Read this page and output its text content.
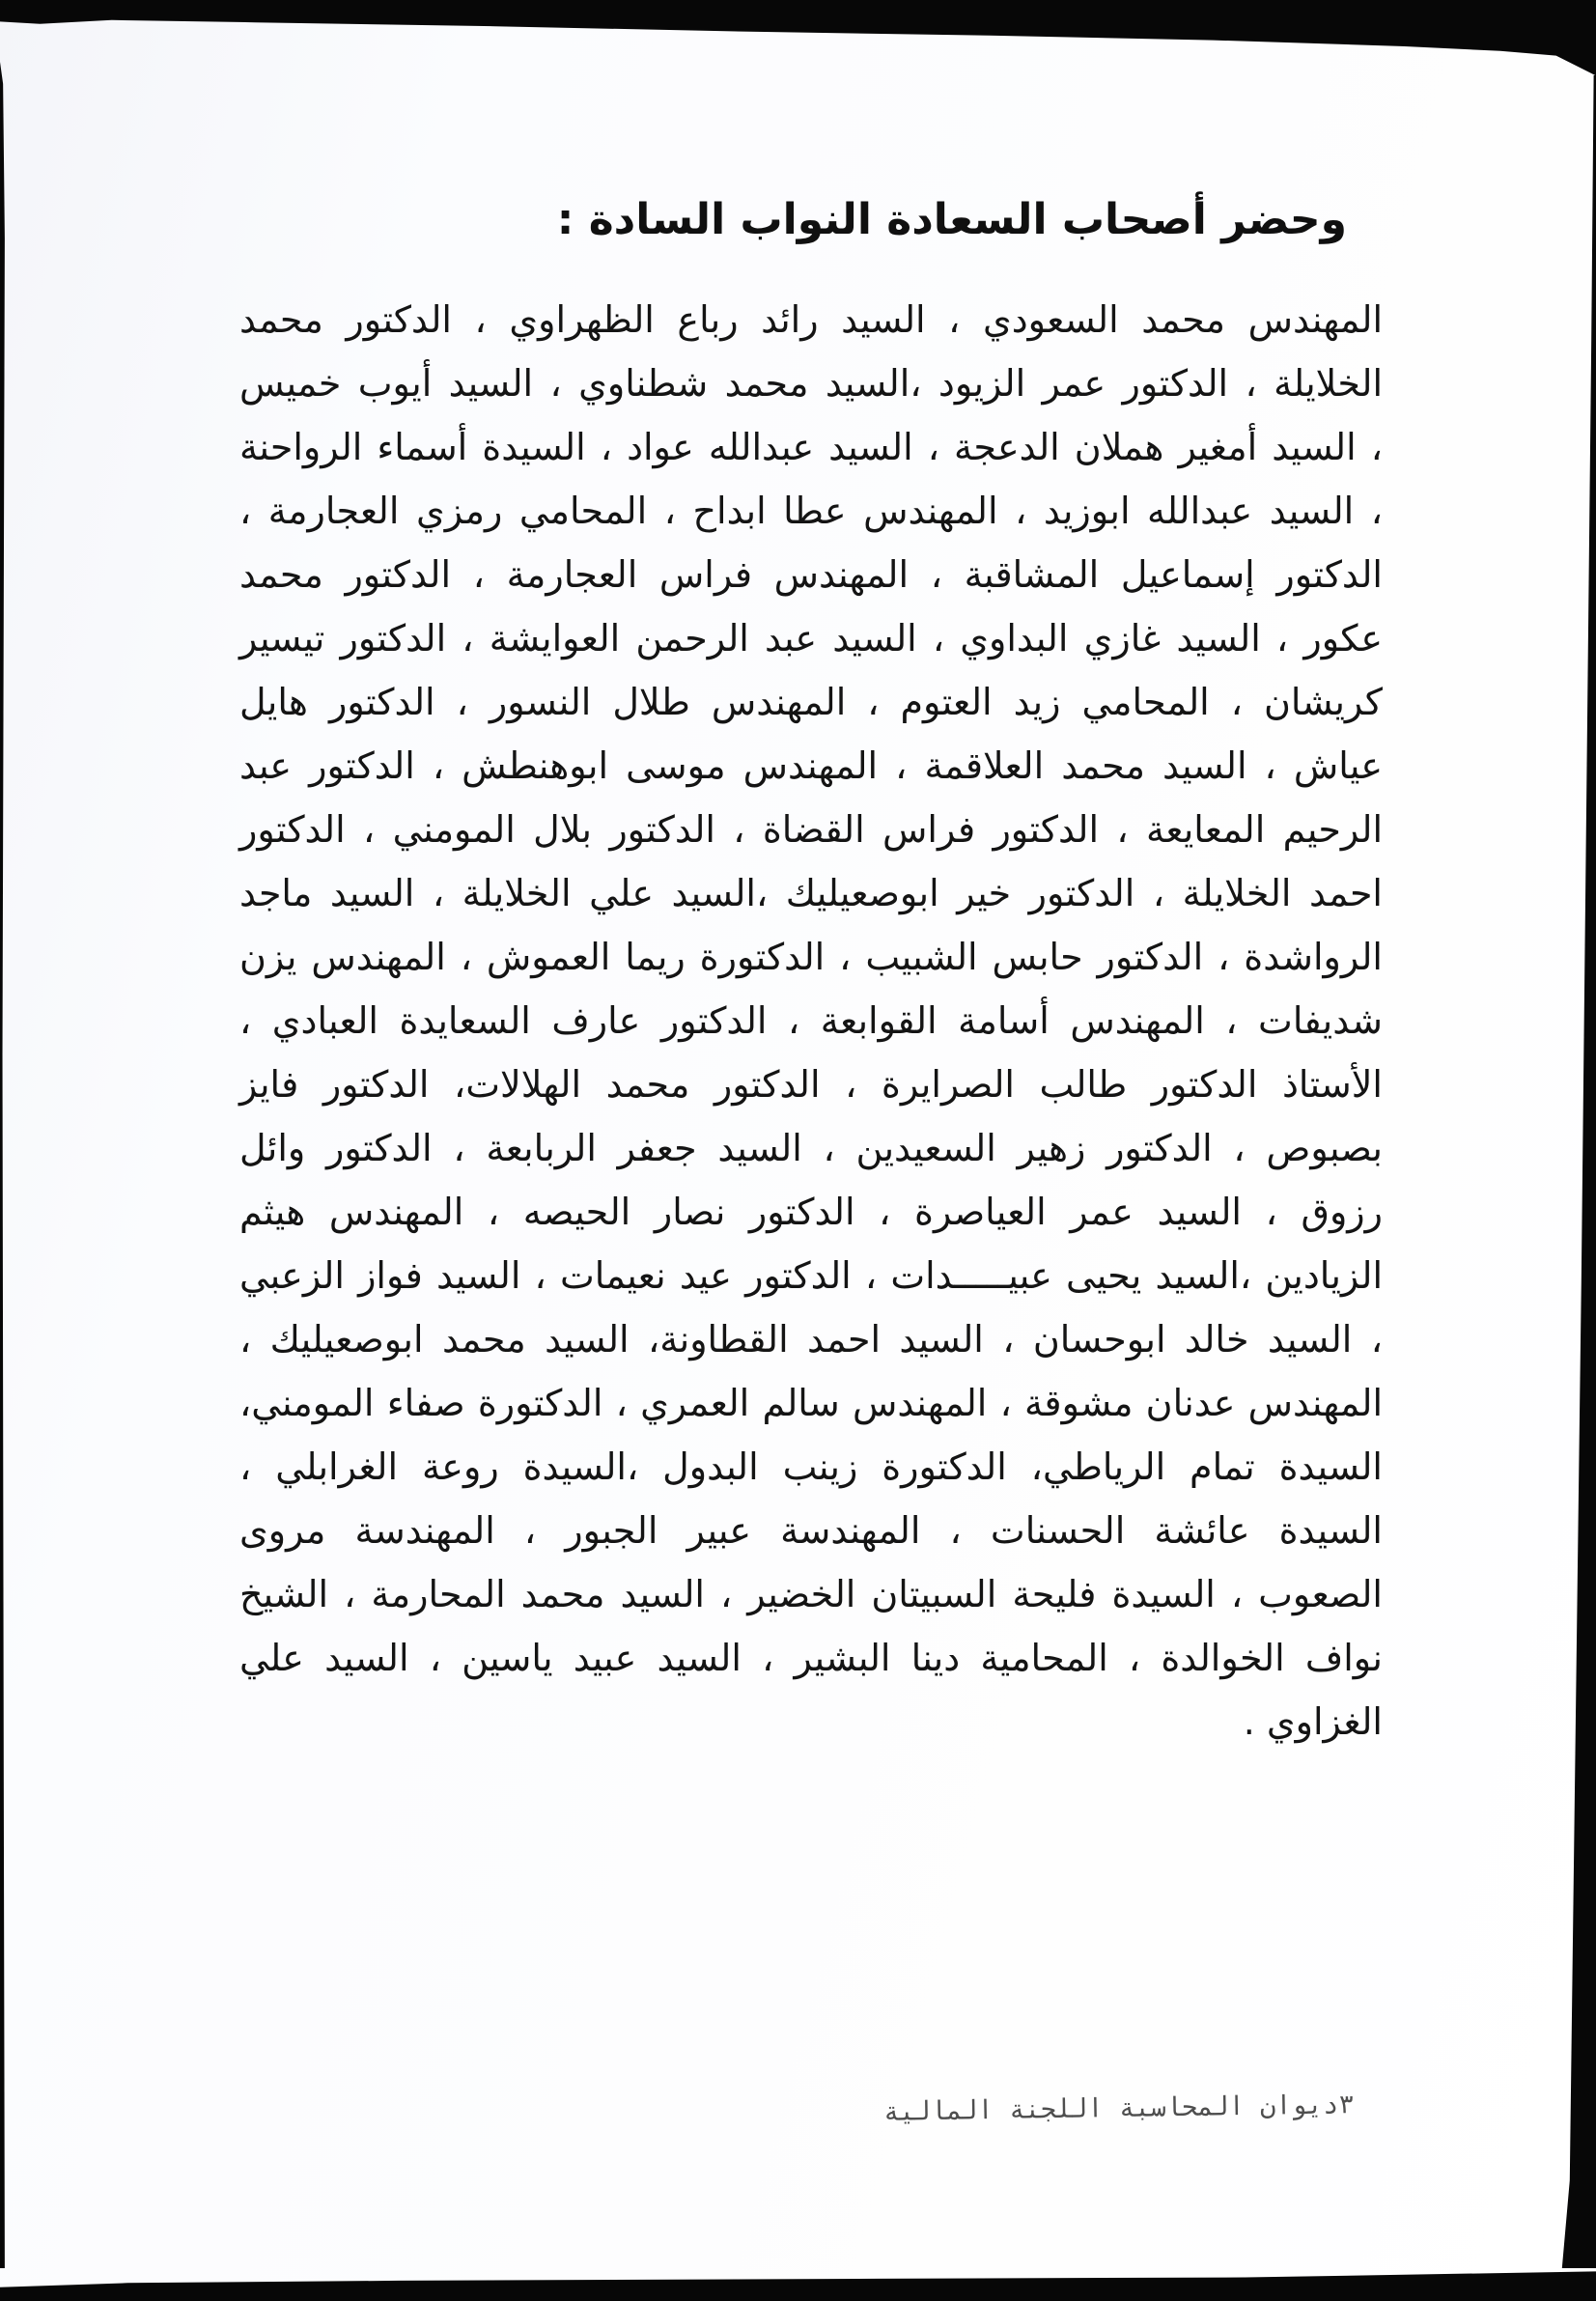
وحضر أصحاب السعادة النواب السادة :
المهندس محمد السعودي ، السيد رائد رباع الظهراوي ، الدكتور محمد
الخلايلة ، الدكتور عمر الزيود ،السيد محمد شطناوي ، السيد أيوب خميس
، السيد أمغير هملان الدعجة ، السيد عبدالله عواد ، السيدة أسماء الرواحنة
، السيد عبدالله ابوزيد ، المهندس عطا ابداح ، المحامي رمزي العجارمة ،
الدكتور إسماعيل المشاقبة ، المهندس فراس العجارمة ، الدكتور محمد
عكور ، السيد غازي البداوي ، السيد عبد الرحمن العوايشة ، الدكتور تيسير
كريشان ، المحامي زيد العتوم ، المهندس طلال النسور ، الدكتور هايل
عياش ، السيد محمد العلاقمة ، المهندس موسى ابوهنطش ، الدكتور عبد
الرحيم المعايعة ، الدكتور فراس القضاة ، الدكتور بلال المومني ، الدكتور
احمد الخلايلة ، الدكتور خير ابوصعيليك ،السيد علي الخلايلة ، السيد ماجد
الرواشدة ، الدكتور حابس الشبيب ، الدكتورة ريما العموش ، المهندس يزن
شديفات ، المهندس أسامة القوابعة ، الدكتور عارف السعايدة العبادي ،
الأستاذ الدكتور طالب الصرايرة ، الدكتور محمد الهلالات، الدكتور فايز
بصبوص ، الدكتور زهير السعيدين ، السيد جعفر الربابعة ، الدكتور وائل
رزوق ، السيد عمر العياصرة ، الدكتور نصار الحيصه ، المهندس هيثم
الزيادين ،السيد يحيى عبيـــــدات ، الدكتور عيد نعيمات ، السيد فواز الزعبي
، السيد خالد ابوحسان ، السيد احمد القطاونة، السيد محمد ابوصعيليك ،
المهندس عدنان مشوقة ، المهندس سالم العمري ، الدكتورة صفاء المومني،
السيدة تمام الرياطي، الدكتورة زينب البدول ،السيدة روعة الغرابلي ،
السيدة عائشة الحسنات ، المهندسة عبير الجبور ، المهندسة مروى
الصعوب ، السيدة فليحة السبيتان الخضير ، السيد محمد المحارمة ، الشيخ
نواف الخوالدة ، المحامية دينا البشير ، السيد عبيد ياسين ، السيد علي
الغزاوي .
٣ديوان المحاسبة اللجنة المالية
